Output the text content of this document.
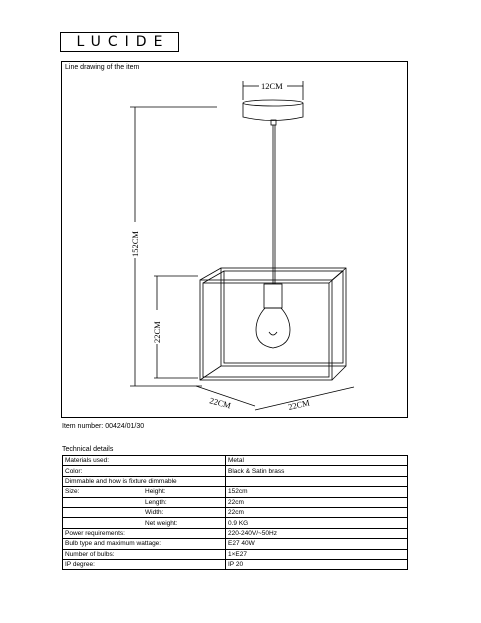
LUCIDE
Line drawing of the item
12CM
152CM
22CM
22CM	22CM
Item number: 00424/01/30
Technical details
Materials used:		Metal
Color:		Black & Satin brass
Dimmable and how is fixture dimmable		
Size:	Height:	152cm
	Length:	22cm
	Width:	22cm
	Net weight:	0.9 KG
Power requirements:		220-240V/~50Hz
Bulb type and maximum wattage:		E27 40W
Number of bulbs:		1×E27
IP degree:		IP 20
